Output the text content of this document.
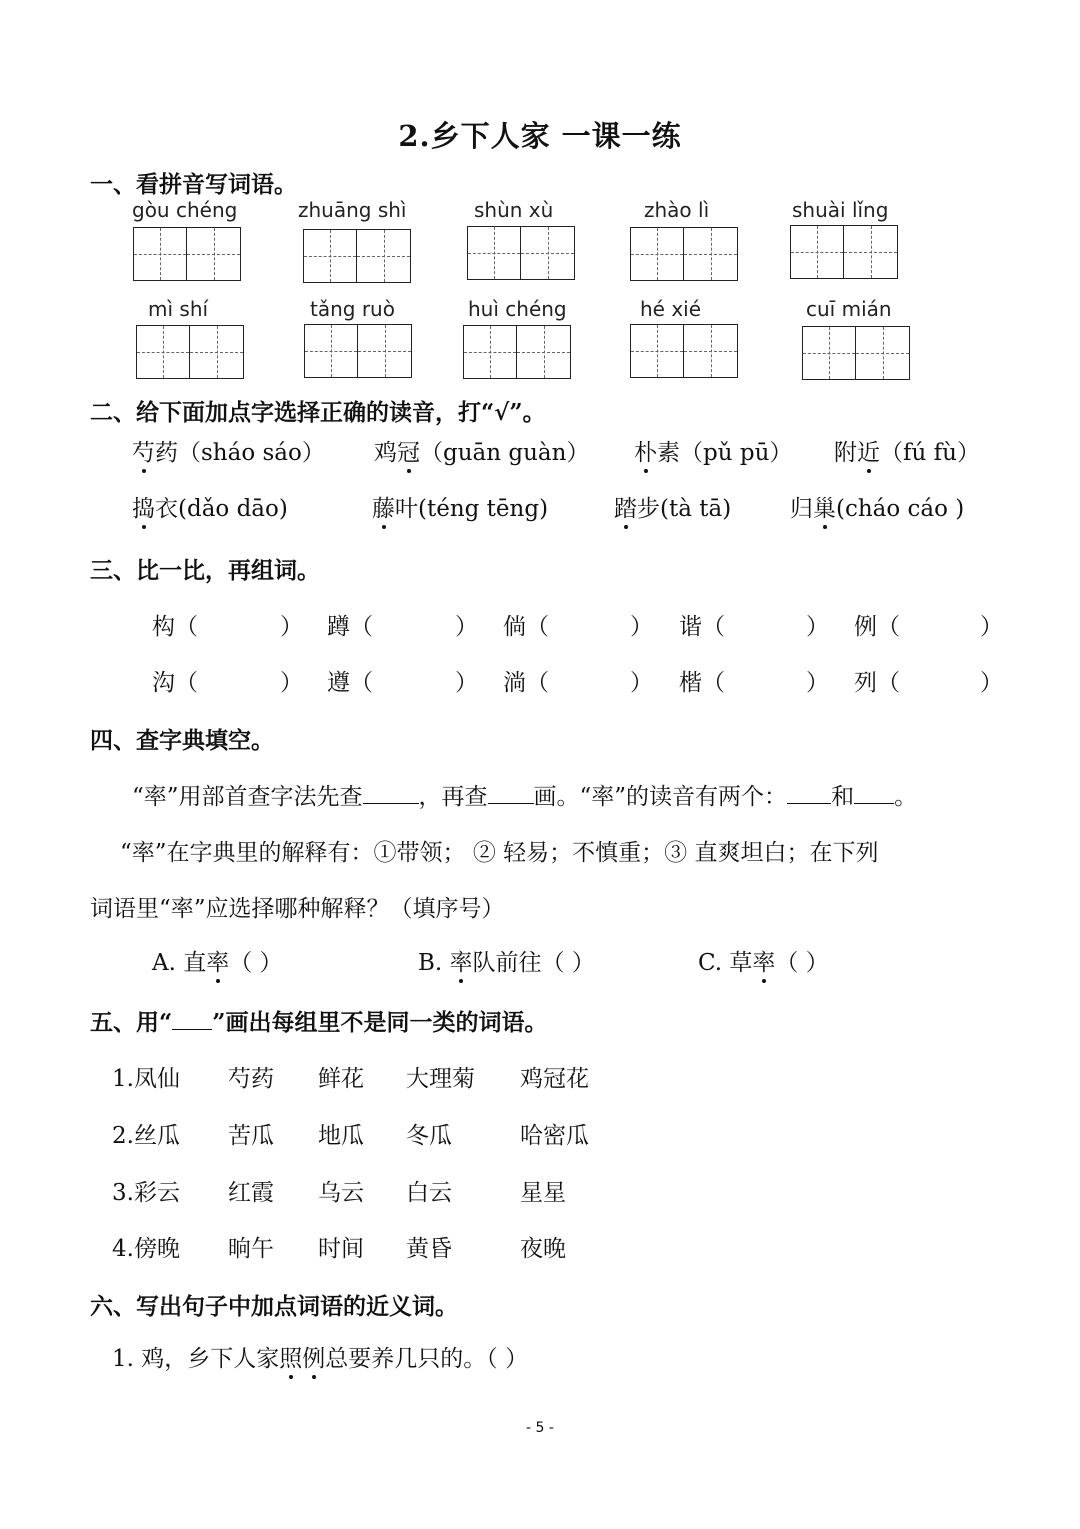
2.乡下人家 一课一练
一、看拼音写词语。
gòu chéng	zhuāng shì	shùn xù	zhào lì	shuài lǐng
mì shí	tǎng ruò	huì chéng	hé xié	cuī mián
二、给下面加点字选择正确的读音，打“√”。
芍药（sháo sáo） 鸡冠（guān guàn） 朴素（pǔ pū） 附近（fú fù）
捣衣(dǎo dāo)	藤叶(téng tēng)	踏步(tà tā)	归巢(cháo cáo )
三、比一比，再组词。
构（	） 蹲（	） 倘（	） 谐（	） 例（	）
沟（	） 遵（	） 淌（	） 楷（	） 列（	）
四、查字典填空。
“率”用部首查字法先查 ，再查 画。“率”的读音有两个： 和 。
“率”在字典里的解释有：①带领； ② 轻易；不慎重；③ 直爽坦白；在下列
词语里“率”应选择哪种解释？（填序号）
A. 直率（ ）	B. 率队前往（ ）	C. 草率（ ）
五、用“ ”画出每组里不是同一类的词语。
1.凤仙 芍药 鲜花 大理菊 鸡冠花
2.丝瓜 苦瓜 地瓜 冬瓜	哈密瓜
3.彩云 红霞 乌云 白云	星星
4.傍晚 晌午 时间 黄昏	夜晚
六、写出句子中加点词语的近义词。
1. 鸡，乡下人家照例总要养几只的。（ ）
- 5 -
